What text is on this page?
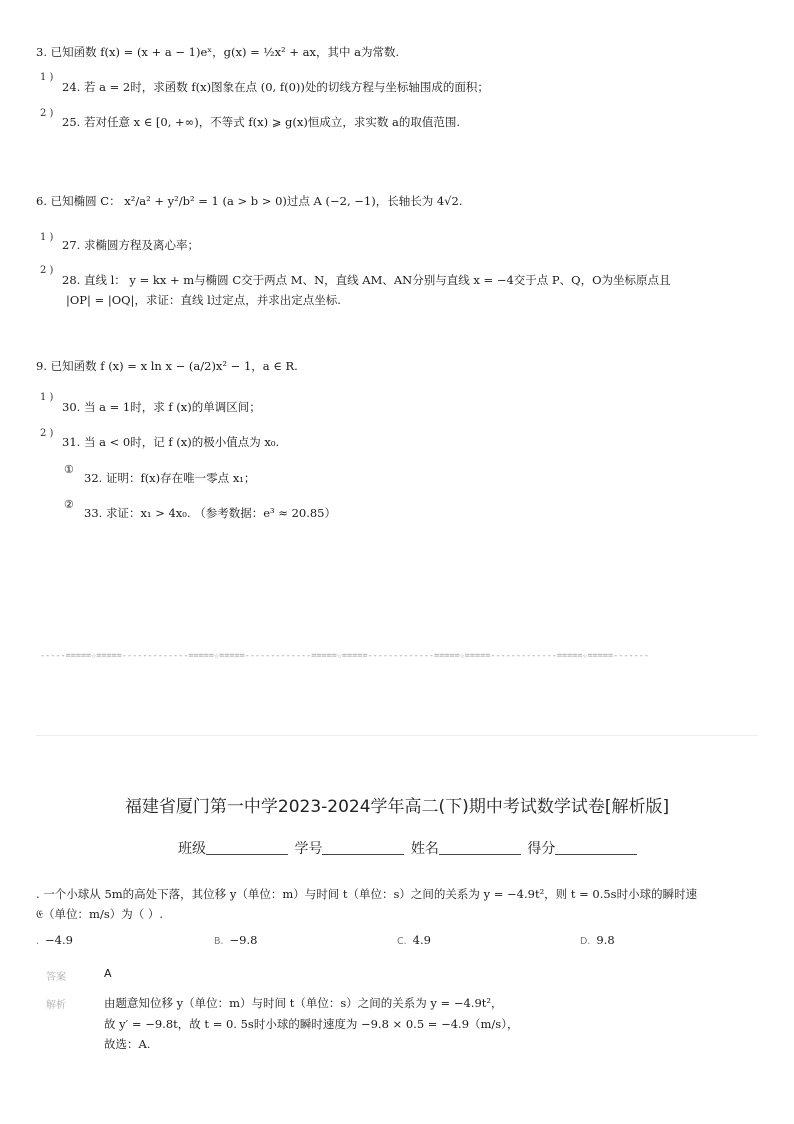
3. 已知函数 f(x) = (x + a − 1)eˣ，g(x) = ½x² + ax，其中 a为常数.
1 )
24. 若 a = 2时，求函数 f(x)图象在点 (0, f(0))处的切线方程与坐标轴围成的面积；
2 )
25. 若对任意 x ∈ [0, +∞)，不等式 f(x) ⩾ g(x)恒成立，求实数 a的取值范围.
6. 已知椭圆 C： x²/a² + y²/b² = 1 (a > b > 0)过点 A (−2, −1)，长轴长为 4√2.
1 )
27. 求椭圆方程及离心率；
2 )
28. 直线 l： y = kx + m与椭圆 C交于两点 M、N，直线 AM、AN分别与直线 x = −4交于点 P、Q，O为坐标原点且
|OP| = |OQ|，求证：直线 l过定点，并求出定点坐标.
9. 已知函数 f (x) = x ln x − (a/2)x² − 1，a ∈ R.
1 )
30. 当 a = 1时，求 f (x)的单调区间；
2 )
31. 当 a < 0时，记 f (x)的极小值点为 x₀.
①
32. 证明：f(x)存在唯一零点 x₁；
②
33. 求证：x₁ > 4x₀. （参考数据：e³ ≈ 20.85）
-----=====☆=====-------------=====☆=====-------------=====☆=====-------------=====☆=====-------------=====☆=====-------
福建省厦门第一中学2023-2024学年高二(下)期中考试数学试卷[解析版]
班级	学号	姓名	得分
. 一个小球从 5m的高处下落，其位移 y（单位：m）与时间 t（单位：s）之间的关系为 y = −4.9t²，则 t = 0.5s时小球的瞬时速
𝔈（单位：m/s）为（ ）.
. −4.9	B. −9.8	C. 4.9	D. 9.8
答案	A
解析	由题意知位移 y（单位：m）与时间 t（单位：s）之间的关系为 y = −4.9t²，
故 y′ = −9.8t，故 t = 0. 5s时小球的瞬时速度为 −9.8 × 0.5 = −4.9（m/s），
故选：A.
